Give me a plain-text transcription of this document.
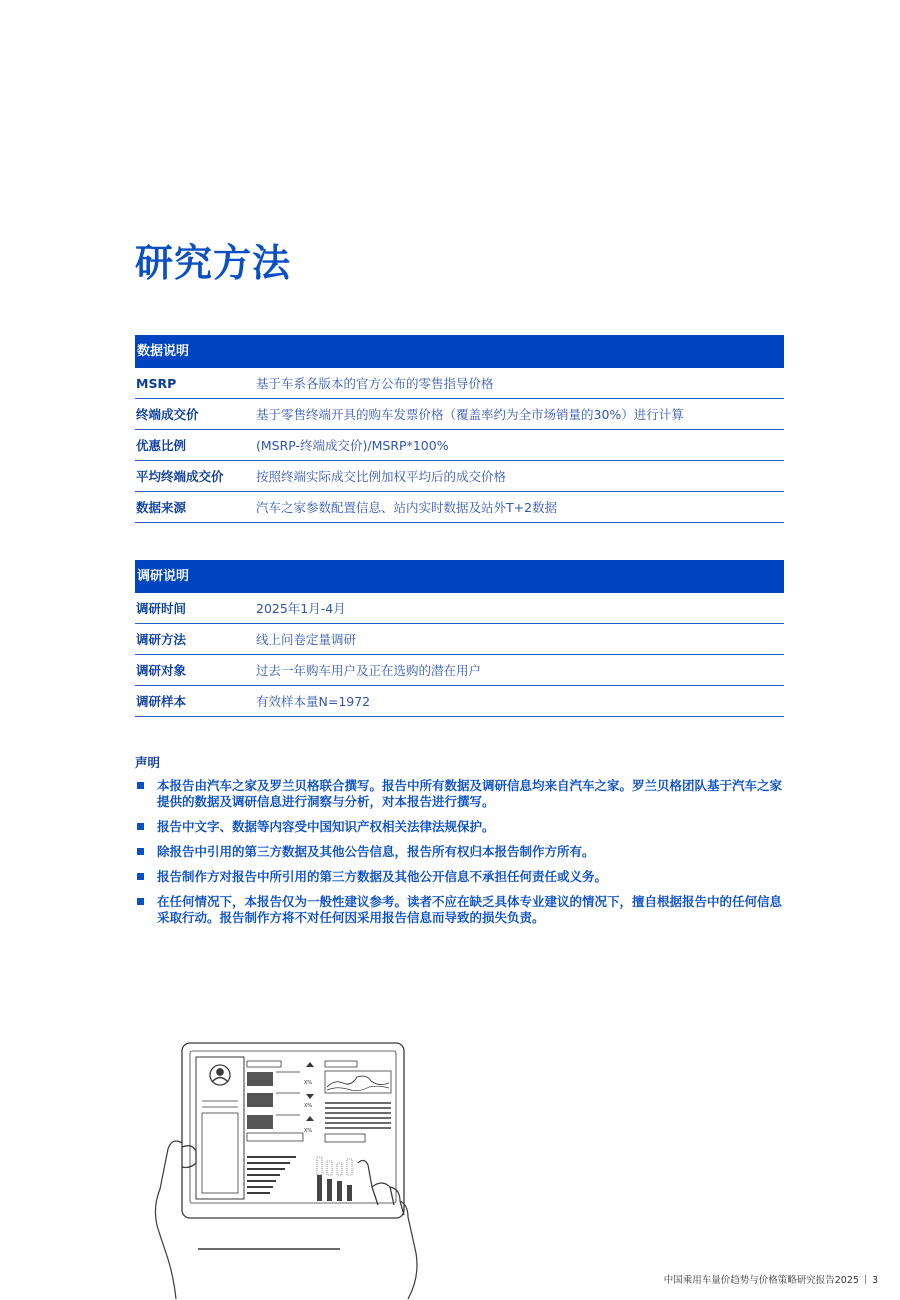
研究方法
数据说明
MSRP	基于车系各版本的官方公布的零售指导价格
终端成交价	基于零售终端开具的购车发票价格（覆盖率约为全市场销量的30%）进行计算
优惠比例	(MSRP-终端成交价)/MSRP*100%
平均终端成交价	按照终端实际成交比例加权平均后的成交价格
数据来源	汽车之家参数配置信息、站内实时数据及站外T+2数据
调研说明
调研时间	2025年1月-4月
调研方法	线上问卷定量调研
调研对象	过去一年购车用户及正在选购的潜在用户
调研样本	有效样本量N=1972
声明
本报告由汽车之家及罗兰贝格联合撰写。报告中所有数据及调研信息均来自汽车之家。罗兰贝格团队基于汽车之家提供的数据及调研信息进行洞察与分析，对本报告进行撰写。
报告中文字、数据等内容受中国知识产权相关法律法规保护。
除报告中引用的第三方数据及其他公告信息，报告所有权归本报告制作方所有。
报告制作方对报告中所引用的第三方数据及其他公开信息不承担任何责任或义务。
在任何情况下，本报告仅为一般性建议参考。读者不应在缺乏具体专业建议的情况下，擅自根据报告中的任何信息采取行动。报告制作方将不对任何因采用报告信息而导致的损失负责。
X%
X%
X%
中国乘用车量价趋势与价格策略研究报告2025 3
